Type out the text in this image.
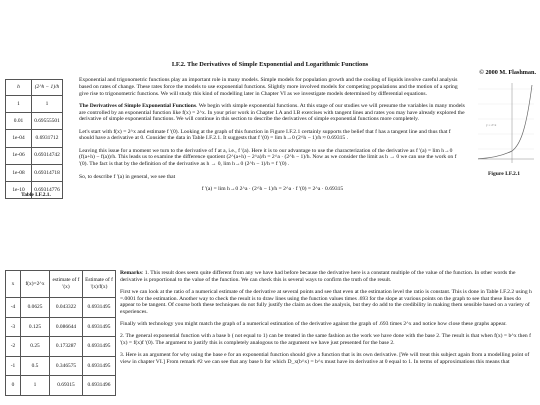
I.F.2. The Derivatives of Simple Exponential and Logarithmic Functions
© 2000 M. Flashman.
h	(2^h − 1)/h
1	1
0.01	0.69555501
1e-04	0.6931712
1e-06	0.69314742
1e-08	0.69314718
1e-10	0.69314776
Table I.F.2.1.

Exponential and trigonometric functions play an important role in many models. Simple models for population growth and the cooling of liquids involve careful analysis based on rates of change. These rates force the models to use exponential functions. Slightly more involved models for competing populations and the motion of a spring give rise to trigonometric functions. We will study this kind of modelling later in Chapter VI as we investigate models determined by differential equations.

The Derivatives of Simple Exponential Functions. We begin with simple exponential functions. At this stage of our studies we will presume the variables in many models are controlled by an exponential function like f(x) = 2^x. In your prior work in Chapter I.A and I.B exercises with tangent lines and rates you may have already explored the derivative of simple exponential functions. We will continue in this section to describe the derivatives of simple exponential functions more completely.

Let's start with f(x) = 2^x and estimate f '(0). Looking at the graph of this function in Figure I.F.2.1 certainly supports the belief that f has a tangent line and thus that f should have a derivative at 0. Consider the data in Table I.F.2.1. It suggests that f '(0) = lim h→0 (2^h − 1)/h ≈ 0.69315 .

Leaving this issue for a moment we turn to the derivative of f at a, i.e., f '(a). Here it is to our advantage to use the characterization of the derivative as f '(a) = lim h→0 (f(a+h) − f(a))/h. This leads us to examine the difference quotient (2^(a+h) − 2^a)/h = 2^a · (2^h − 1)/h. Now as we consider the limit as h → 0 we can use the work on f '(0). The fact is that by the definition of the derivative as h → 0, lim h→0 (2^h − 1)/h = f '(0) .

So, to describe f '(a) in general, we see that

f '(a) = lim h→0 2^a · (2^h − 1)/h = 2^a · f '(0) = 2^a · 0.69315

y = 2^x
Figure I.F.2.1
x	f(x)=2^x	estimate of f '(x)	Estimate of f '(x)/f(x)
-4	0.0625	0.043322	0.6931495
-3	0.125	0.086644	0.6931495
-2	0.25	0.173287	0.6931495
-1	0.5	0.346575	0.6931495
0	1	0.69315	0.6931496

Remarks: 1. This result does seem quite different from any we have had before because the derivative here is a constant multiple of the value of the function. In other words the derivative is proportional to the value of the function. We can check this is several ways to confirm the truth of the result.

First we can look at the ratio of a numerical estimate of the derivative at several points and see that even at the estimation level the ratio is constant. This is done in Table I.F.2.2 using h =.0001 for the estimation. Another way to check the result is to draw lines using the function values times .693 for the slope at various points on the graph to see that these lines do appear to be tangent. Of course both these techniques do not fully justify the claim as does the analysis, but they do add to the credibility in making them sensible based on a variety of experiences.

Finally with technology you might match the graph of a numerical estimation of the derivative against the graph of .693 times 2^x and notice how close these graphs appear.

2. The general exponential function with a base b ( not equal to 1) can be treated in the same fashion as the work we have done with the base 2. The result is that when f(x) = b^x then f '(x) = f(x)f '(0). The argument to justify this is completely analogous to the argument we have just presented for the base 2.

3. Here is an argument for why using the base e for an exponential function should give a function that is its own derivative. [We will treat this subject again from a modelling point of view in chapter VI.] From remark #2 we can see that any base b for which D_x(b^x) = b^x must have its derivative at 0 equal to 1. In terms of approximations this means that
